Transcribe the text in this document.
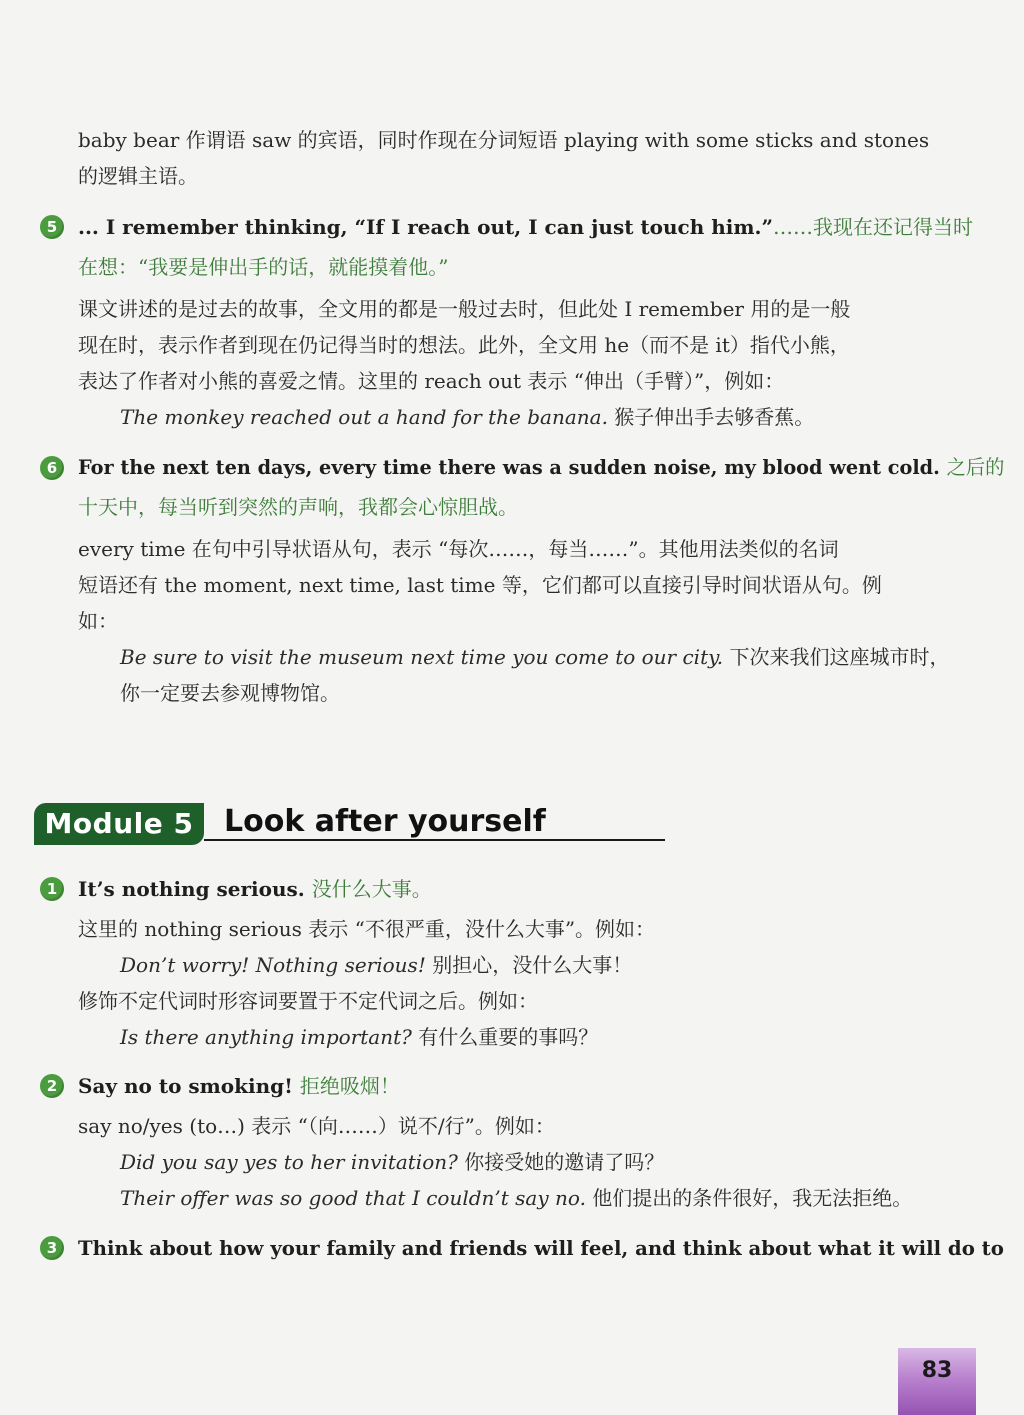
baby bear 作谓语 saw 的宾语，同时作现在分词短语 playing with some sticks and stones
的逻辑主语。
5	... I remember thinking, “If I reach out, I can just touch him.”……我现在还记得当时
在想：“我要是伸出手的话，就能摸着他。”
课文讲述的是过去的故事，全文用的都是一般过去时，但此处 I remember 用的是一般
现在时，表示作者到现在仍记得当时的想法。此外，全文用 he（而不是 it）指代小熊，
表达了作者对小熊的喜爱之情。这里的 reach out 表示 “伸出（手臂）”，例如：
The monkey reached out a hand for the banana. 猴子伸出手去够香蕉。
6	For the next ten days, every time there was a sudden noise, my blood went cold. 之后的
十天中，每当听到突然的声响，我都会心惊胆战。
every time 在句中引导状语从句，表示 “每次……，每当……”。其他用法类似的名词
短语还有 the moment, next time, last time 等，它们都可以直接引导时间状语从句。例
如：
Be sure to visit the museum next time you come to our city. 下次来我们这座城市时，
你一定要去参观博物馆。
Module 5	Look after yourself
1	It’s nothing serious. 没什么大事。
这里的 nothing serious 表示 “不很严重，没什么大事”。例如：
Don’t worry! Nothing serious! 别担心，没什么大事！
修饰不定代词时形容词要置于不定代词之后。例如：
Is there anything important? 有什么重要的事吗？
2	Say no to smoking! 拒绝吸烟！
say no/yes (to…) 表示 “（向……）说不/行”。例如：
Did you say yes to her invitation? 你接受她的邀请了吗？
Their offer was so good that I couldn’t say no. 他们提出的条件很好，我无法拒绝。
3	Think about how your family and friends will feel, and think about what it will do to
83
